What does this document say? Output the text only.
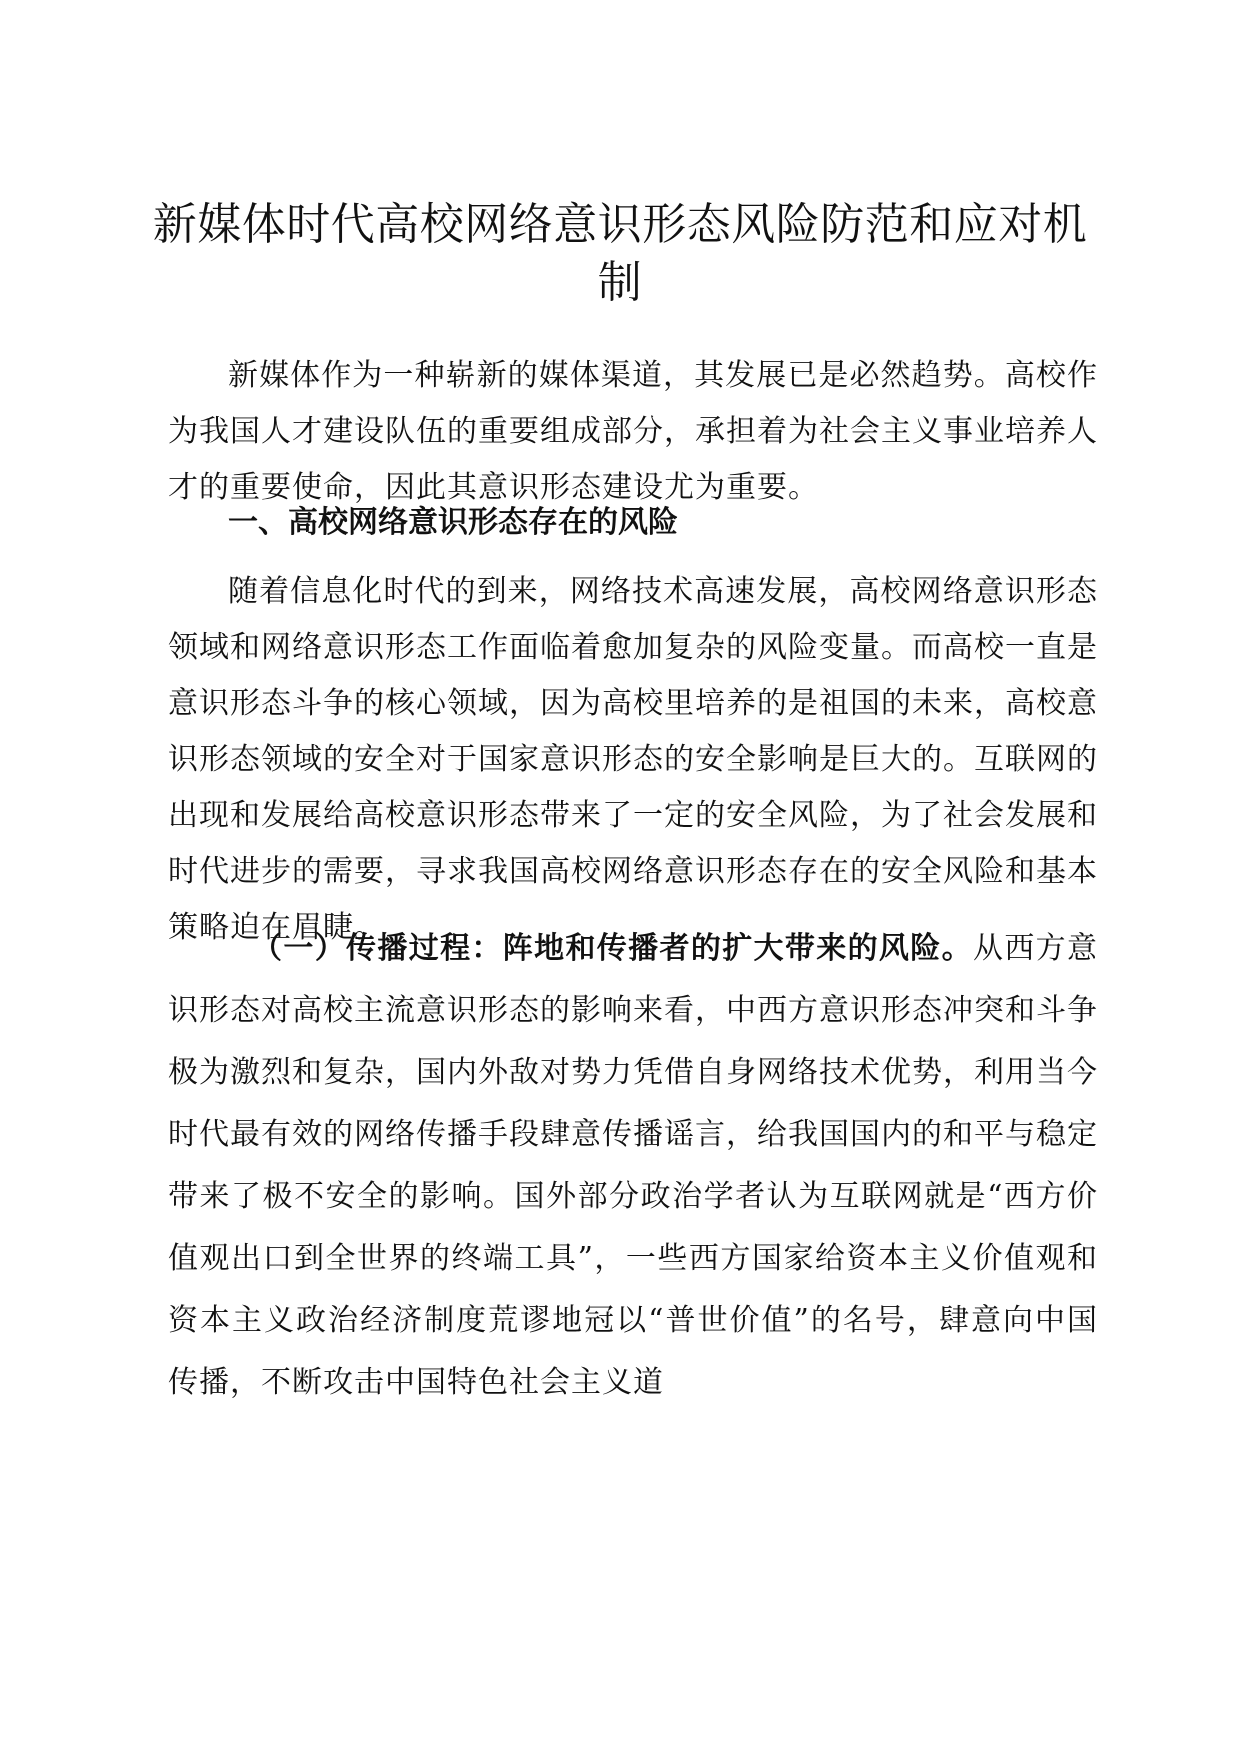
新媒体时代高校网络意识形态风险防范和应对机制

新媒体作为一种崭新的媒体渠道，其发展已是必然趋势。高校作为我国人才建设队伍的重要组成部分，承担着为社会主义事业培养人才的重要使命，因此其意识形态建设尤为重要。

一、高校网络意识形态存在的风险

随着信息化时代的到来，网络技术高速发展，高校网络意识形态领域和网络意识形态工作面临着愈加复杂的风险变量。而高校一直是意识形态斗争的核心领域，因为高校里培养的是祖国的未来，高校意识形态领域的安全对于国家意识形态的安全影响是巨大的。互联网的出现和发展给高校意识形态带来了一定的安全风险，为了社会发展和时代进步的需要，寻求我国高校网络意识形态存在的安全风险和基本策略迫在眉睫。

（一）传播过程：阵地和传播者的扩大带来的风险。从西方意识形态对高校主流意识形态的影响来看，中西方意识形态冲突和斗争极为激烈和复杂，国内外敌对势力凭借自身网络技术优势，利用当今时代最有效的网络传播手段肆意传播谣言，给我国国内的和平与稳定带来了极不安全的影响。国外部分政治学者认为互联网就是“西方价值观出口到全世界的终端工具”，一些西方国家给资本主义价值观和资本主义政治经济制度荒谬地冠以“普世价值”的名号，肆意向中国传播，不断攻击中国特色社会主义道
